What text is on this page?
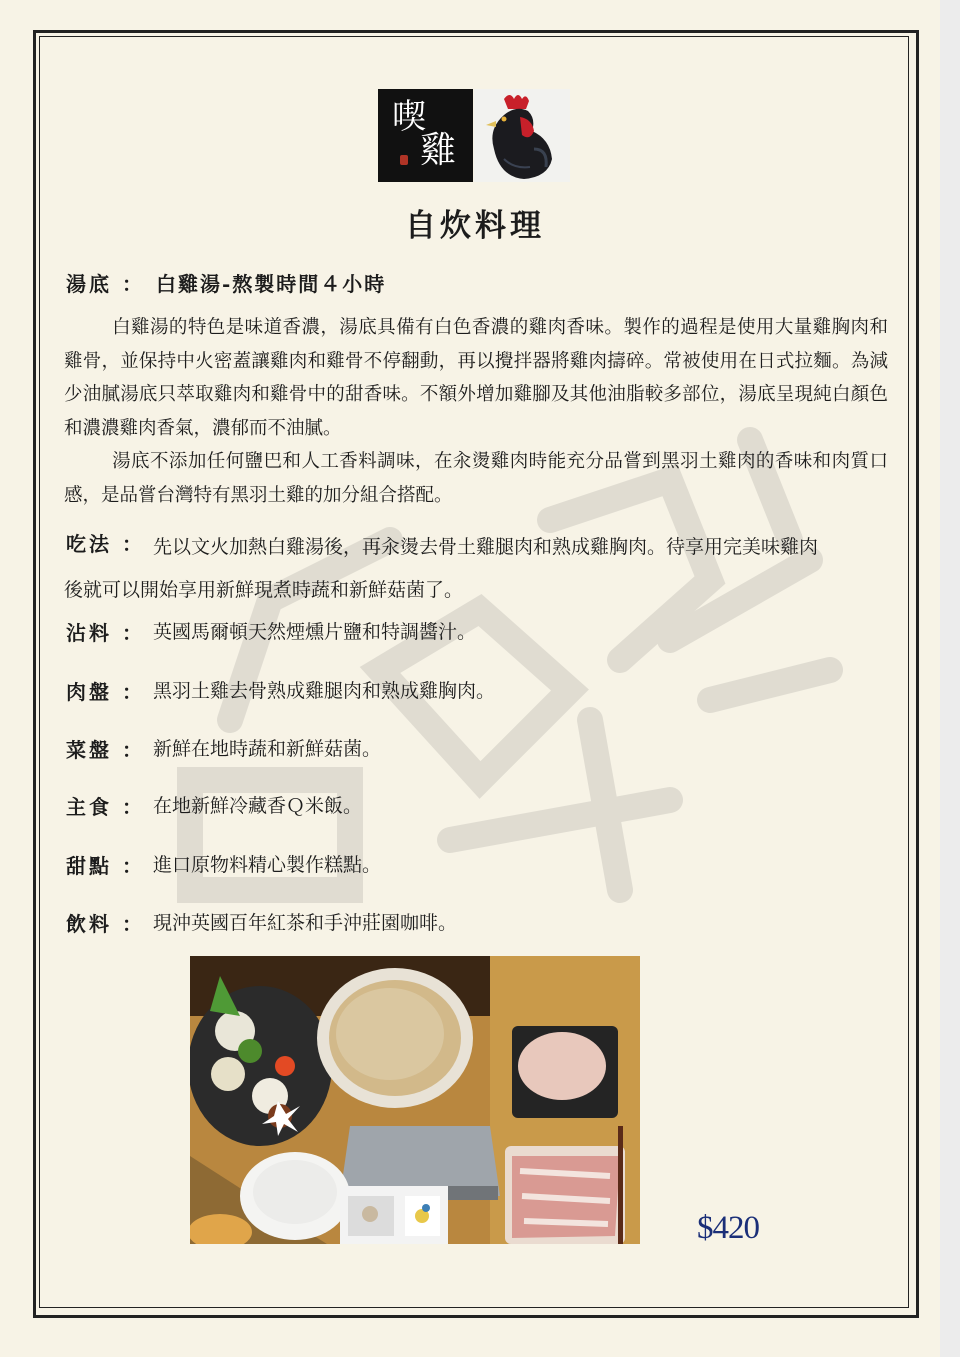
喫
雞
自炊料理
湯底 ： 白雞湯-熬製時間４小時

白雞湯的特色是味道香濃，湯底具備有白色香濃的雞肉香味。製作的過程是使用大量雞胸肉和雞骨，並保持中火密蓋讓雞肉和雞骨不停翻動，再以攪拌器將雞肉擣碎。常被使用在日式拉麵。為減少油膩湯底只萃取雞肉和雞骨中的甜香味。不額外增加雞腳及其他油脂較多部位，湯底呈現純白顏色和濃濃雞肉香氣，濃郁而不油膩。

湯底不添加任何鹽巴和人工香料調味，在汆燙雞肉時能充分品嘗到黑羽土雞肉的香味和肉質口感，是品嘗台灣特有黑羽土雞的加分組合搭配。

吃法 ： 先以文火加熱白雞湯後，再汆燙去骨土雞腿肉和熟成雞胸肉。待享用完美味雞肉
後就可以開始享用新鮮現煮時蔬和新鮮菇菌了。
沾料 ： 英國馬爾頓天然煙燻片鹽和特調醬汁。
肉盤 ： 黑羽土雞去骨熟成雞腿肉和熟成雞胸肉。
菜盤 ： 新鮮在地時蔬和新鮮菇菌。
主食 ： 在地新鮮冷藏香Ｑ米飯。
甜點 ： 進口原物料精心製作糕點。
飲料 ： 現沖英國百年紅茶和手沖莊園咖啡。
$420
